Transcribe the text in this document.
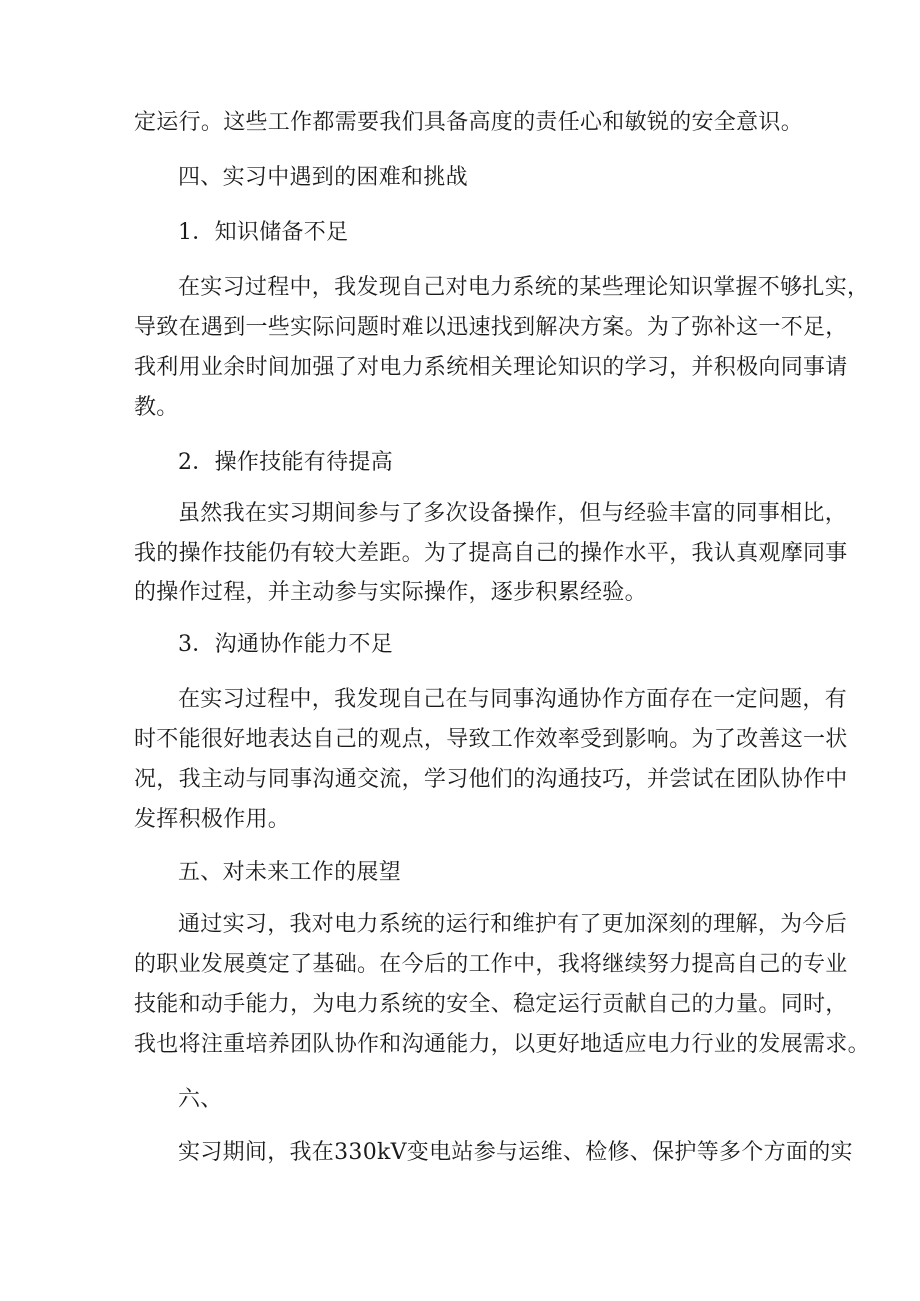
定运行。这些工作都需要我们具备高度的责任心和敏锐的安全意识。
四、实习中遇到的困难和挑战
1．知识储备不足
在实习过程中，我发现自己对电力系统的某些理论知识掌握不够扎实，
导致在遇到一些实际问题时难以迅速找到解决方案。为了弥补这一不足，
我利用业余时间加强了对电力系统相关理论知识的学习，并积极向同事请
教。
2．操作技能有待提高
虽然我在实习期间参与了多次设备操作，但与经验丰富的同事相比，
我的操作技能仍有较大差距。为了提高自己的操作水平，我认真观摩同事
的操作过程，并主动参与实际操作，逐步积累经验。
3．沟通协作能力不足
在实习过程中，我发现自己在与同事沟通协作方面存在一定问题，有
时不能很好地表达自己的观点，导致工作效率受到影响。为了改善这一状
况，我主动与同事沟通交流，学习他们的沟通技巧，并尝试在团队协作中
发挥积极作用。
五、对未来工作的展望
通过实习，我对电力系统的运行和维护有了更加深刻的理解，为今后
的职业发展奠定了基础。在今后的工作中，我将继续努力提高自己的专业
技能和动手能力，为电力系统的安全、稳定运行贡献自己的力量。同时，
我也将注重培养团队协作和沟通能力，以更好地适应电力行业的发展需求。
六、
实习期间，我在330kV变电站参与运维、检修、保护等多个方面的实
